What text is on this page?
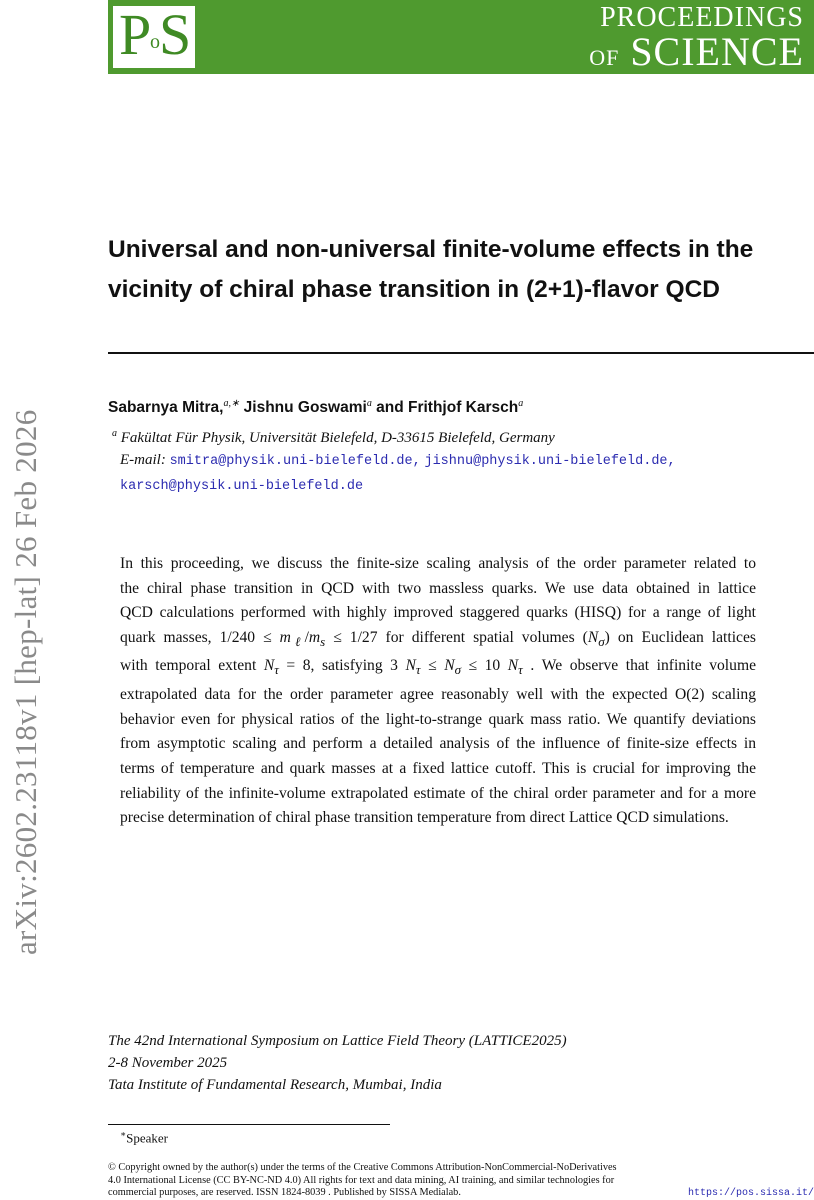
PROCEEDINGS
OF SCIENCE
P
o S
arXiv:2602.23118v1 [hep-lat] 26 Feb 2026
Universal and non-universal finite-volume effects in the
vicinity of chiral phase transition in (2+1)-flavor QCD
Sabarnya Mitra,$^{a,∗}$ Jishnu Goswami$^a$ and Frithjof Karsch$^a$
$^a$ Fakültat Für Physik, Universität Bielefeld, D-33615 Bielefeld, Germany
E-mail: smitra@physik.uni-bielefeld.de, jishnu@physik.uni-bielefeld.de,
karsch@physik.uni-bielefeld.de
In this proceeding, we discuss the finite-size scaling analysis of the order parameter related to
the chiral phase transition in QCD with two massless quarks. We use data obtained in lattice
QCD calculations performed with highly improved staggered quarks (HISQ) for a range of light
quark masses, $1/240 \le m_\ell/m_s \le 1/27$ for different spatial volumes $(N_\sigma)$ on Euclidean lattices
with temporal extent $N_\tau = 8$, satisfying 3 $N_\tau \le N_\sigma \le 10$ $N_\tau$ . We observe that infinite volume
extrapolated data for the order parameter agree reasonably well with the expected O(2) scaling
behavior even for physical ratios of the light-to-strange quark mass ratio. We quantify deviations
from asymptotic scaling and perform a detailed analysis of the influence of finite-size effects in
terms of temperature and quark masses at a fixed lattice cutoff. This is crucial for improving the
reliability of the infinite-volume extrapolated estimate of the chiral order parameter and for a more
precise determination of chiral phase transition temperature from direct Lattice QCD simulations.
The 42nd International Symposium on Lattice Field Theory (LATTICE2025)
2-8 November 2025
Tata Institute of Fundamental Research, Mumbai, India
∗Speaker
© Copyright owned by the author(s) under the terms of the Creative Commons Attribution-NonCommercial-NoDerivatives 4.0 International License (CC BY-NC-ND 4.0) All rights for text and data mining, AI training, and similar technologies for commercial purposes, are reserved. ISSN 1824-8039 . Published by SISSA Medialab.	https://pos.sissa.it/
